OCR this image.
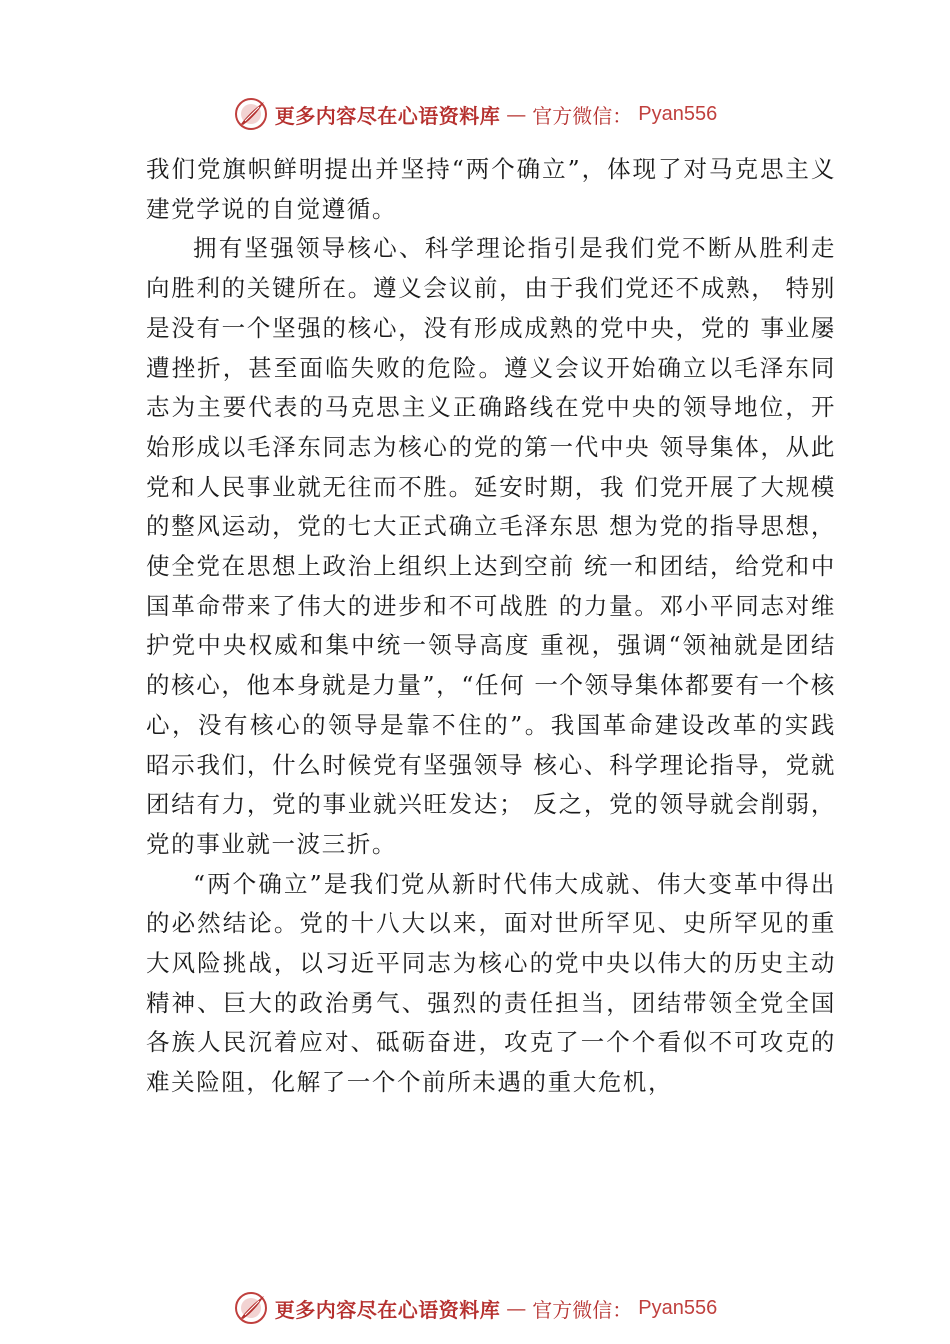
更多内容尽在心语资料库 — 官方微信： Pyan556

我们党旗帜鲜明提出并坚持“两个确立”，体现了对马克思主义建党学说的自觉遵循。

拥有坚强领导核心、科学理论指引是我们党不断从胜利走向胜利的关键所在。遵义会议前，由于我们党还不成熟， 特别是没有一个坚强的核心，没有形成成熟的党中央，党的 事业屡遭挫折，甚至面临失败的危险。遵义会议开始确立以毛泽东同志为主要代表的马克思主义正确路线在党中央的领导地位，开始形成以毛泽东同志为核心的党的第一代中央 领导集体，从此党和人民事业就无往而不胜。延安时期，我 们党开展了大规模的整风运动，党的七大正式确立毛泽东思 想为党的指导思想，使全党在思想上政治上组织上达到空前 统一和团结，给党和中国革命带来了伟大的进步和不可战胜 的力量。邓小平同志对维护党中央权威和集中统一领导高度 重视，强调“领袖就是团结的核心，他本身就是力量”，“任何 一个领导集体都要有一个核心，没有核心的领导是靠不住的”。我国革命建设改革的实践昭示我们，什么时候党有坚强领导 核心、科学理论指导，党就团结有力，党的事业就兴旺发达； 反之，党的领导就会削弱，党的事业就一波三折。

“两个确立”是我们党从新时代伟大成就、伟大变革中得出的必然结论。党的十八大以来，面对世所罕见、史所罕见的重大风险挑战，以习近平同志为核心的党中央以伟大的历史主动精神、巨大的政治勇气、强烈的责任担当，团结带领全党全国各族人民沉着应对、砥砺奋进，攻克了一个个看似不可攻克的难关险阻，化解了一个个前所未遇的重大危机，

更多内容尽在心语资料库 — 官方微信： Pyan556
